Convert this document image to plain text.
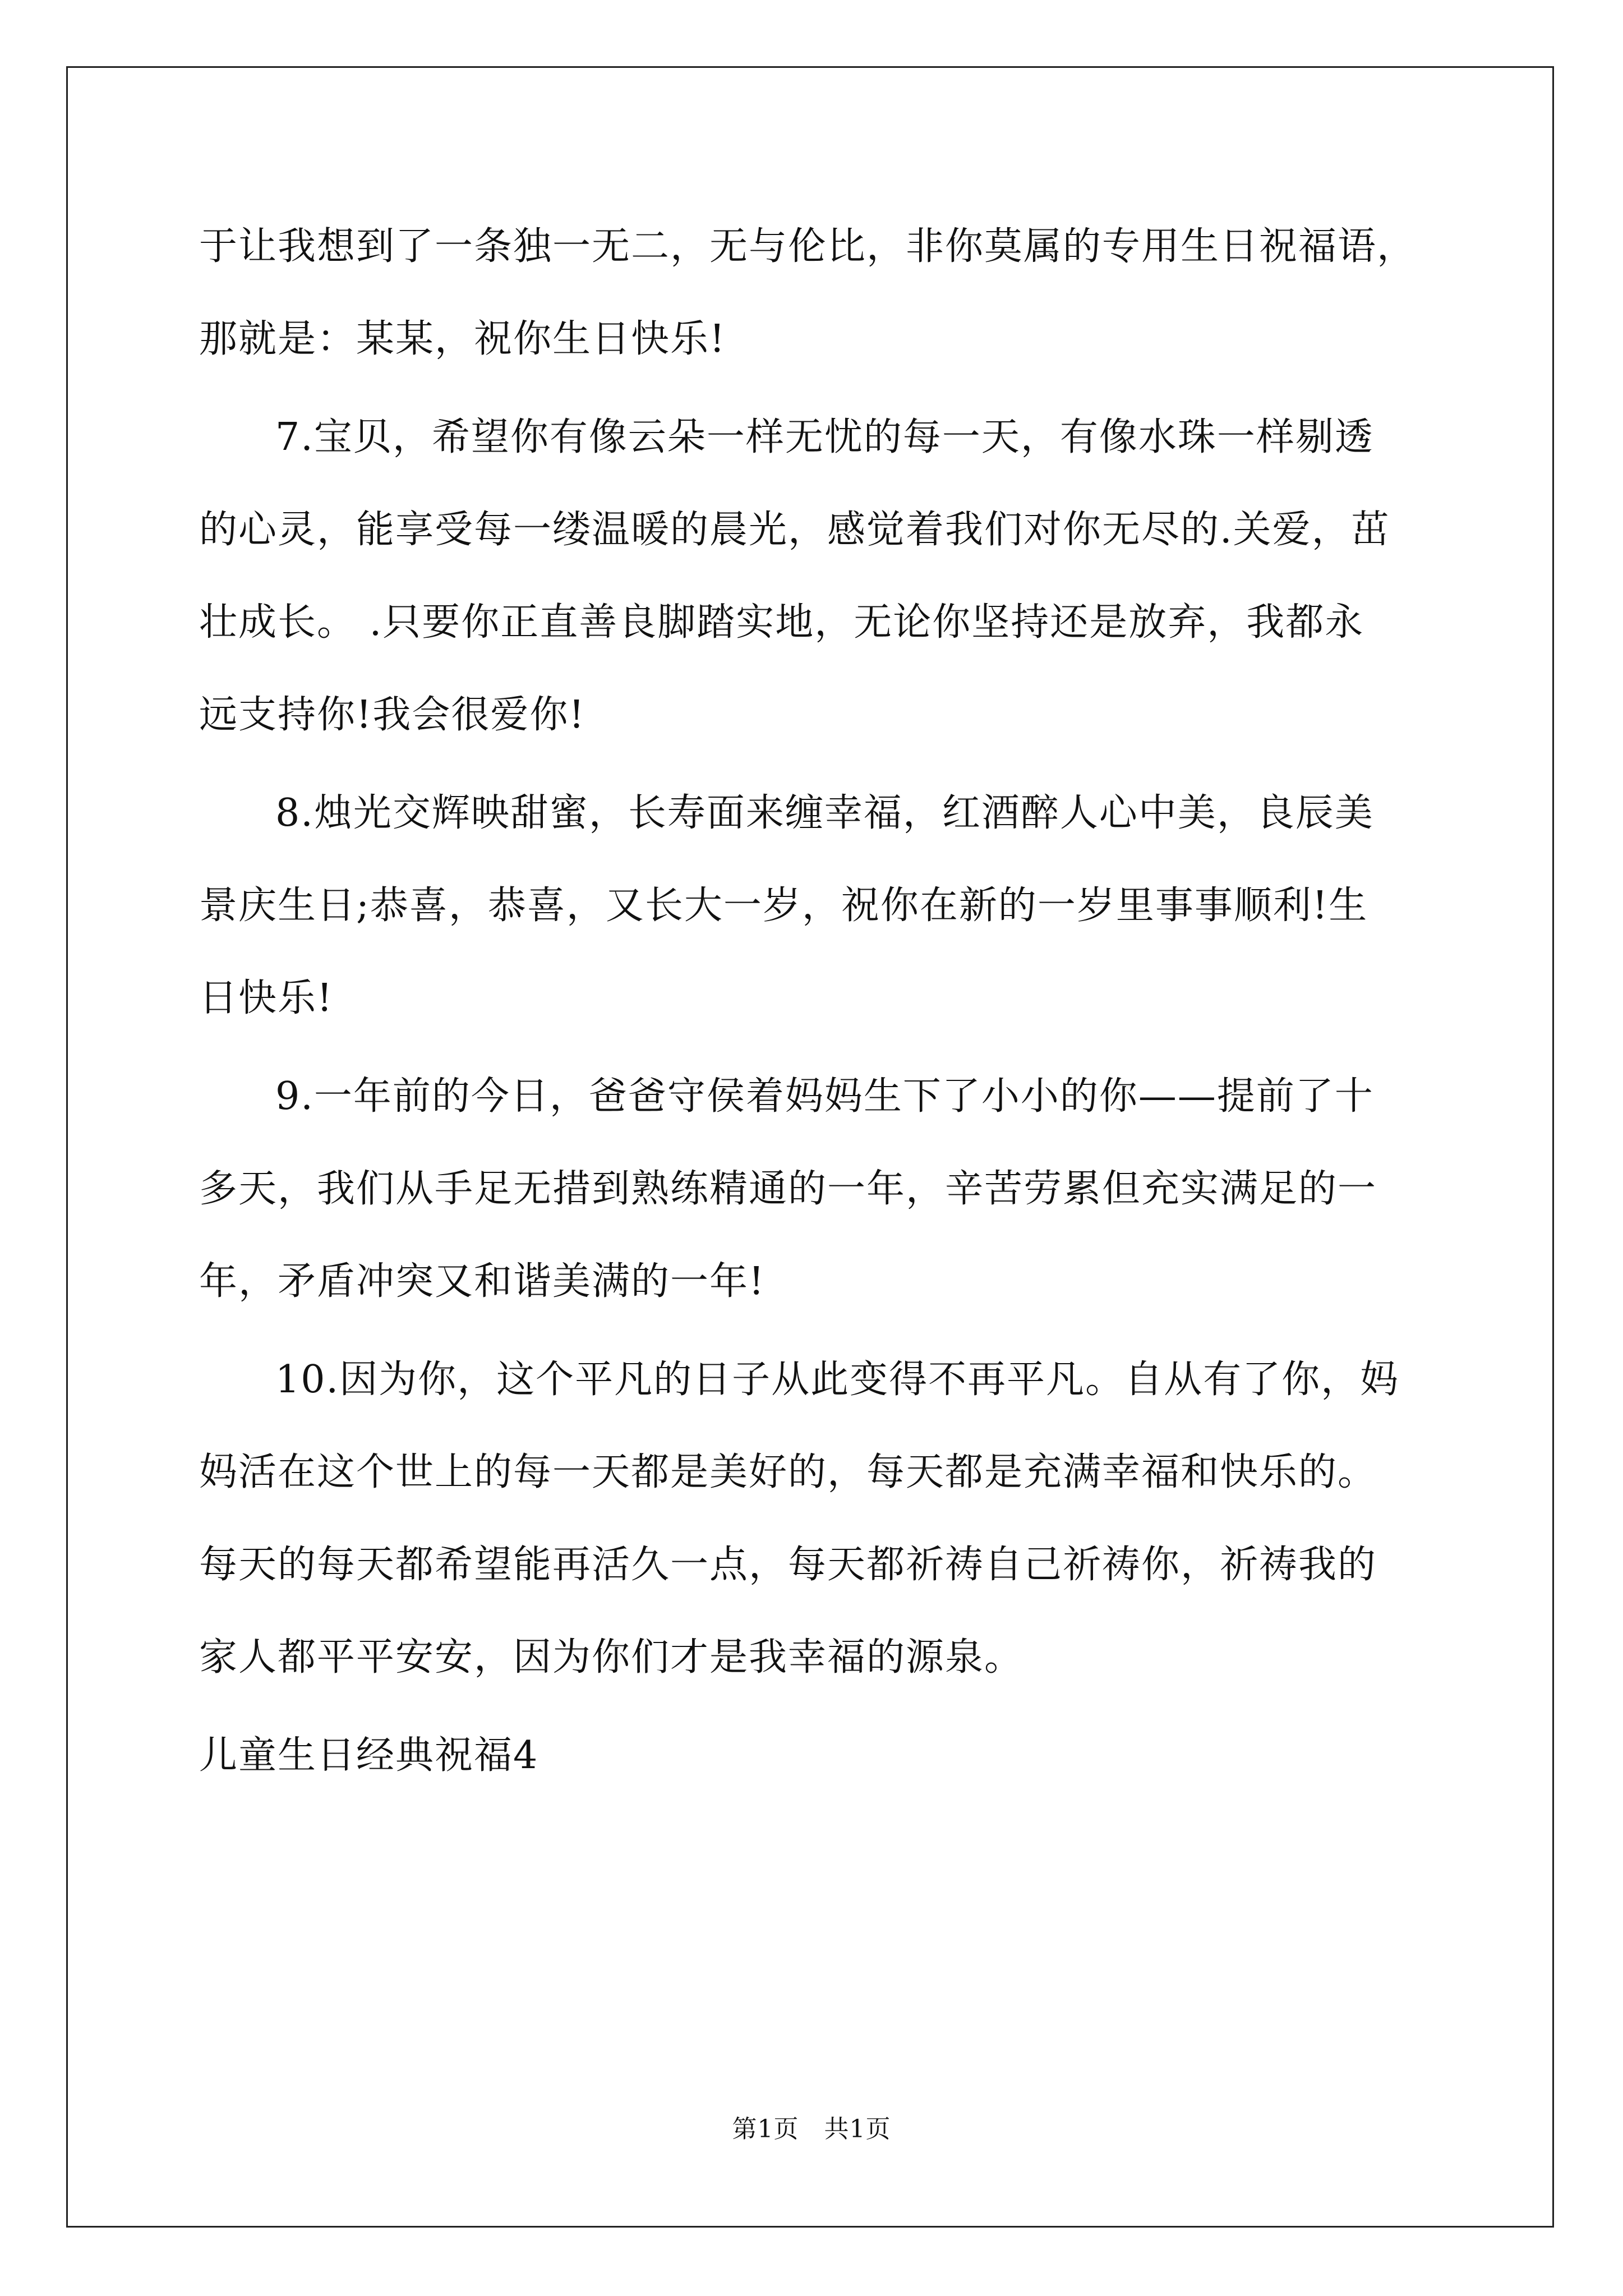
于让我想到了一条独一无二，无与伦比，非你莫属的专用生日祝福语，
那就是：某某，祝你生日快乐!
7.宝贝，希望你有像云朵一样无忧的每一天，有像水珠一样剔透
的心灵，能享受每一缕温暖的晨光，感觉着我们对你无尽的.关爱，茁
壮成长。 .只要你正直善良脚踏实地，无论你坚持还是放弃，我都永
远支持你!我会很爱你!
8.烛光交辉映甜蜜，长寿面来缠幸福，红酒醉人心中美，良辰美
景庆生日;恭喜，恭喜，又长大一岁，祝你在新的一岁里事事顺利!生
日快乐!
9.一年前的今日，爸爸守侯着妈妈生下了小小的你——提前了十
多天，我们从手足无措到熟练精通的一年，辛苦劳累但充实满足的一
年，矛盾冲突又和谐美满的一年!
10.因为你，这个平凡的日子从此变得不再平凡。自从有了你，妈
妈活在这个世上的每一天都是美好的，每天都是充满幸福和快乐的。
每天的每天都希望能再活久一点，每天都祈祷自己祈祷你，祈祷我的
家人都平平安安，因为你们才是我幸福的源泉。
儿童生日经典祝福4
第1页　共1页
